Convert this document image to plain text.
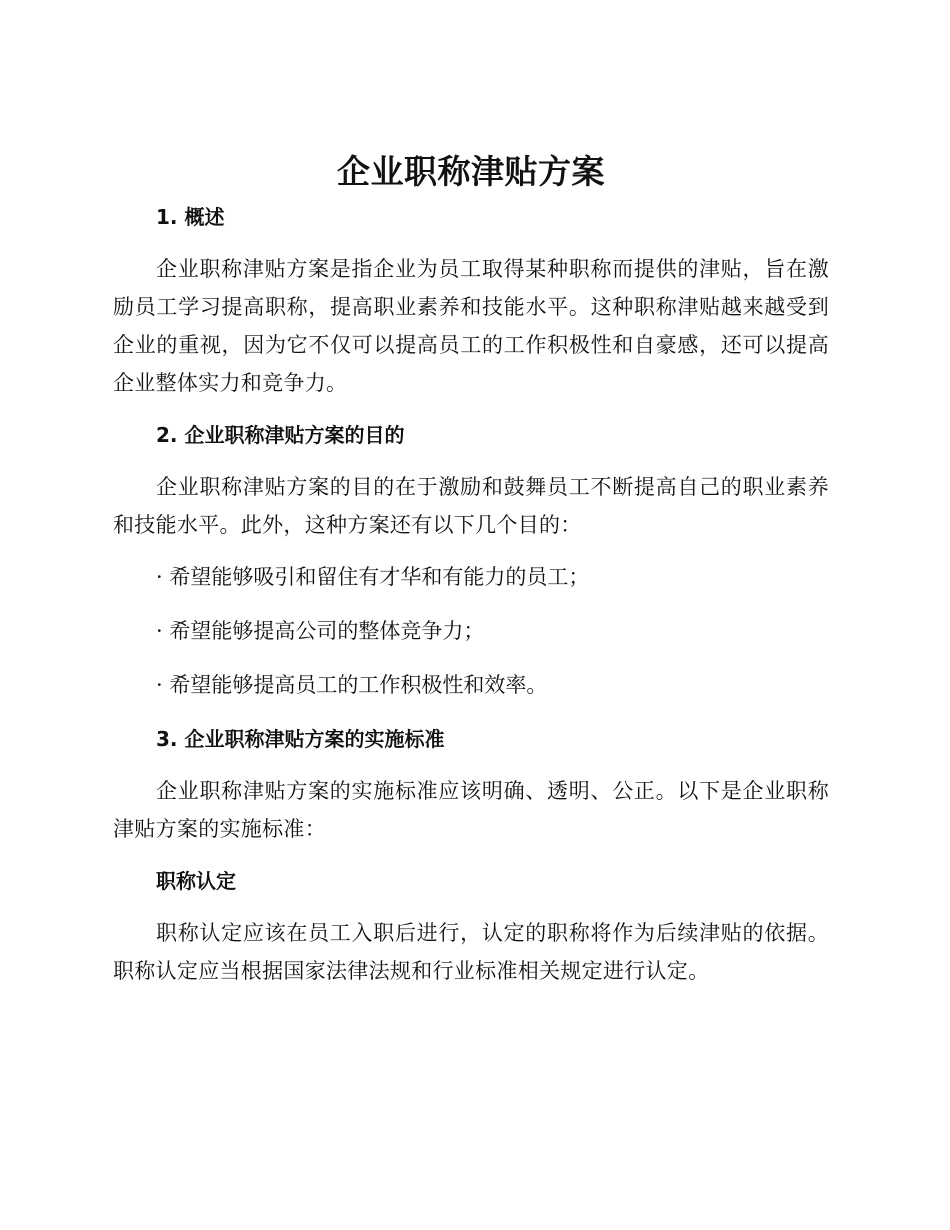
企业职称津贴方案
1. 概述

企业职称津贴方案是指企业为员工取得某种职称而提供的津贴，旨在激励员工学习提高职称，提高职业素养和技能水平。这种职称津贴越来越受到企业的重视，因为它不仅可以提高员工的工作积极性和自豪感，还可以提高企业整体实力和竞争力。

2. 企业职称津贴方案的目的

企业职称津贴方案的目的在于激励和鼓舞员工不断提高自己的职业素养和技能水平。此外，这种方案还有以下几个目的：

· 希望能够吸引和留住有才华和有能力的员工；
· 希望能够提高公司的整体竞争力；
· 希望能够提高员工的工作积极性和效率。
3. 企业职称津贴方案的实施标准

企业职称津贴方案的实施标准应该明确、透明、公正。以下是企业职称津贴方案的实施标准：

职称认定

职称认定应该在员工入职后进行，认定的职称将作为后续津贴的依据。职称认定应当根据国家法律法规和行业标准相关规定进行认定。
